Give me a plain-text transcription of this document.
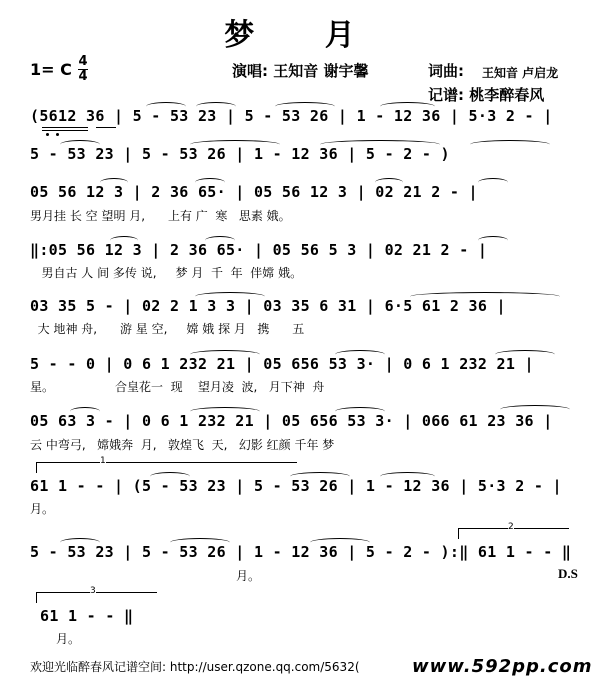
梦 月
1= C 4
4	演唱: 王知音 谢宇馨	词曲: 王知音 卢启龙
记谱: 桃李醉春风
(5612 36 | 5 - 53 23 | 5 - 53 26 | 1 - 12 36 | 5·3 2 - |
5 - 53 23 | 5 - 53 26 | 1 - 12 36 | 5 - 2 - )
05 56 12 3 | 2 36 65· | 05 56 12 3 | 02 21 2 - |
男月挂 长 空 望明 月,      上有 广  寒   思素 娥。
‖:05 56 12 3 | 2 36 65· | 05 56 5 3 | 02 21 2 - |
男自古 人 间 多传 说,     梦 月  千  年  伴嫦 娥。
03 35 5 - | 02 2 1 3 3 | 03 35 6 31 | 6·5 61 2 36 |
大 地神 舟,      游 星 空,     嫦 娥 探 月   携      五
5 - - 0 | 0 6 1 232 21 | 05 656 53 3· | 0 6 1 232 21 |
星。                合皇花一  现    望月凌  波,   月下神  舟
05 63 3 - | 0 6 1 232 21 | 05 656 53 3· | 066 61 23 36 |
云 中弯弓,   嫦娥奔  月,   敦煌飞  天,   幻影 红颜 千年 梦
1
61 1 - - | (5 - 53 23 | 5 - 53 26 | 1 - 12 36 | 5·3 2 - |
月。
2
5 - 53 23 | 5 - 53 26 | 1 - 12 36 | 5 - 2 - ):‖ 61 1 - - ‖
月。	D.S
3
61 1 - - ‖
月。
欢迎光临醉春风记谱空间: http://user.qzone.qq.com/5632(	www.592pp.com
